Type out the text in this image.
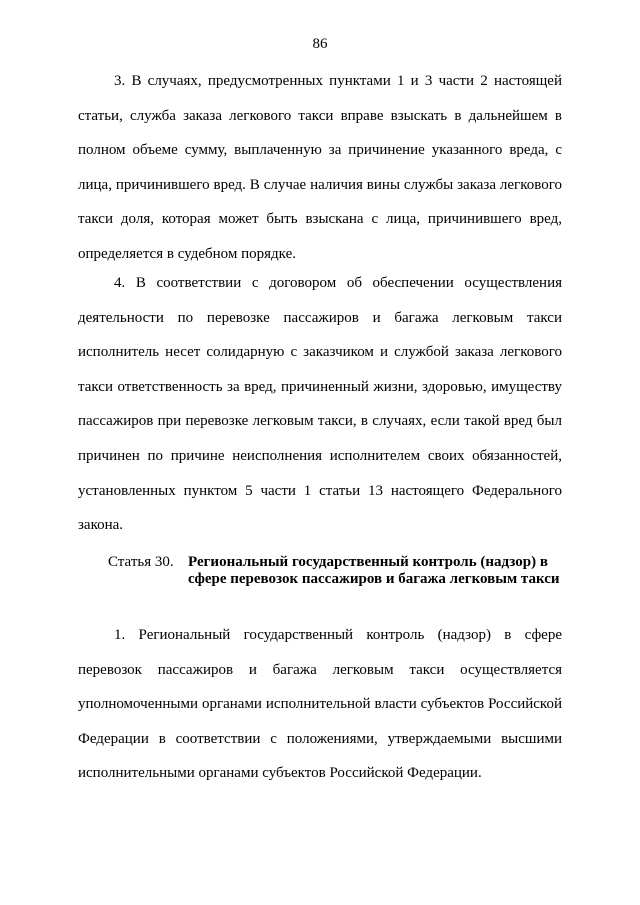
86

3. В случаях, предусмотренных пунктами 1 и 3 части 2 настоящей статьи, служба заказа легкового такси вправе взыскать в дальнейшем в полном объеме сумму, выплаченную за причинение указанного вреда, с лица, причинившего вред. В случае наличия вины службы заказа легкового такси доля, которая может быть взыскана с лица, причинившего вред, определяется в судебном порядке.

4. В соответствии с договором об обеспечении осуществления деятельности по перевозке пассажиров и багажа легковым такси исполнитель несет солидарную с заказчиком и службой заказа легкового такси ответственность за вред, причиненный жизни, здоровью, имуществу пассажиров при перевозке легковым такси, в случаях, если такой вред был причинен по причине неисполнения исполнителем своих обязанностей, установленных пунктом 5 части 1 статьи 13 настоящего Федерального закона.

Статья 30. Региональный государственный контроль (надзор) в сфере перевозок пассажиров и багажа легковым такси

1. Региональный государственный контроль (надзор) в сфере перевозок пассажиров и багажа легковым такси осуществляется уполномоченными органами исполнительной власти субъектов Российской Федерации в соответствии с положениями, утверждаемыми высшими исполнительными органами субъектов Российской Федерации.
